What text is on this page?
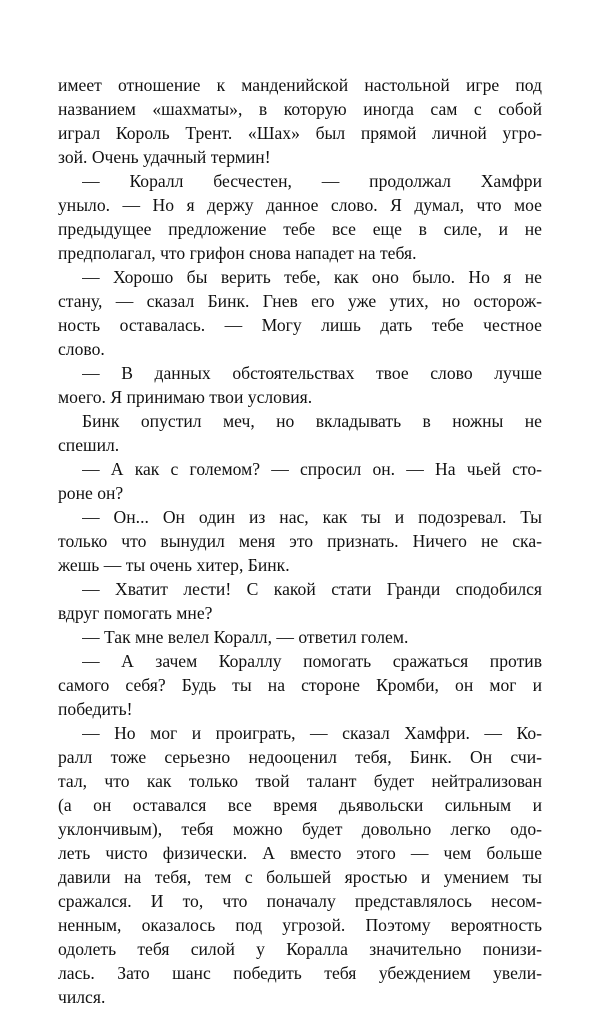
имеет отношение к манденийской настольной игре под
названием «шахматы», в которую иногда сам с собой
играл Король Трент. «Шах» был прямой личной угро-
зой. Очень удачный термин!
— Коралл бесчестен, — продолжал Хамфри
уныло. — Но я держу данное слово. Я думал, что мое
предыдущее предложение тебе все еще в силе, и не
предполагал, что грифон снова нападет на тебя.
— Хорошо бы верить тебе, как оно было. Но я не
стану, — сказал Бинк. Гнев его уже утих, но осторож-
ность оставалась. — Могу лишь дать тебе честное
слово.
— В данных обстоятельствах твое слово лучше
моего. Я принимаю твои условия.
Бинк опустил меч, но вкладывать в ножны не
спешил.
— А как с големом? — спросил он. — На чьей сто-
роне он?
— Он... Он один из нас, как ты и подозревал. Ты
только что вынудил меня это признать. Ничего не ска-
жешь — ты очень хитер, Бинк.
— Хватит лести! С какой стати Гранди сподобился
вдруг помогать мне?
— Так мне велел Коралл, — ответил голем.
— А зачем Кораллу помогать сражаться против
самого себя? Будь ты на стороне Кромби, он мог и
победить!
— Но мог и проиграть, — сказал Хамфри. — Ко-
ралл тоже серьезно недооценил тебя, Бинк. Он счи-
тал, что как только твой талант будет нейтрализован
(а он оставался все время дьявольски сильным и
уклончивым), тебя можно будет довольно легко одо-
леть чисто физически. А вместо этого — чем больше
давили на тебя, тем с большей яростью и умением ты
сражался. И то, что поначалу представлялось несом-
ненным, оказалось под угрозой. Поэтому вероятность
одолеть тебя силой у Коралла значительно понизи-
лась. Зато шанс победить тебя убеждением увели-
чился.
